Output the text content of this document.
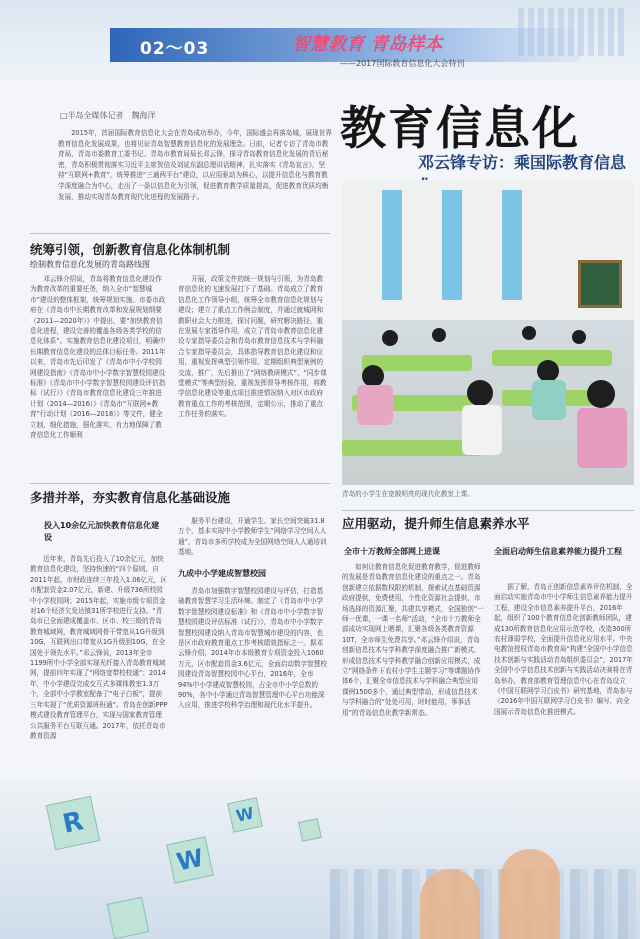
02～03	智慧教育 青岛样本
——2017国际教育信息化大会特刊
□半岛全媒体记者　魏海洋	教育信息化
邓云锋专访：乘国际教育信息
2015年，首届国际教育信息化大会在青岛成功举办，今年，国际盛会再落岛城，展现世界教育信息化发展成果，也将见证青岛智慧教育信息化的发展理念。日前，记者专访了青岛市教育局，青岛市委教育工委书记、青岛市教育局局长邓云锋，探寻青岛教育信息化发展的背后秘密，青岛积极贯彻落实习近平主席贺信及刘延东副总理讲话精神，扎实落实《青岛宣言》，坚持“互联网+教育”，统筹推进“三通两平台”建设，以应用驱动为核心，以提升信息化与教育教学深度融合为中心，走出了一条以信息化为引领，促进教育教学质量提高，促进教育优质均衡发展，推动实现青岛教育现代化进程的发展路子。
青岛的小学生在宽敞明亮的现代化教室上课。
统筹引领，创新教育信息化体制机制
绘制教育信息化发展的青岛路线图
邓云锋介绍说，青岛将教育信息化建设作为教育改革的重要任务，纳入全市“智慧城市”建设的整体框架，统筹规划实施。市委市政府在《青岛市中长期教育改革和发展规划纲要（2011—2020年）》中提出，要“加快教育信息化进程，建设完善的覆盖各级各类学校的信息化体系”。实施教育信息化建设项目，明确中长期教育信息化建设的总体目标任务。2011年以来，青岛市先后印发了《青岛市中小学校园网建设指南》《青岛市中小学数字智慧校园建设标准》《青岛市中小学数字智慧校园建设评估指标（试行）》《青岛市教育信息化建设三年推进计划（2014—2016）》《青岛市“互联网+教育”行动计划（2016—2018）》等文件，健全立制，细化措施，强化落实，有力地保障了教育信息化工作顺利
开展，政策文件的统一规划与引领，为青岛教育信息化的飞速发展打下了基础。青岛成立了教育信息化工作领导小组，统筹全市教育信息化规划与建设；建立了重点工作例会制度，并通过就城网和教职业会大力推进，探讨问题，研究解决路径，重在发展专家指导作用，成立了青岛市教育信息化建设专家指导委员会和青岛市教育信息技术与学科融合专家指导委员会，具体指导教育信息化建设和应用，重视发挥典型引领作用，定期组织典型案例的交流、推广，先后推出了“网络教研模式”、“同步课堂模式”等典型经验，重视发挥督导考核作用，将教学信息化建设等重点项目推进情况纳入对区市政府教育重点工作的考核范围，定期公示，推动了重点工作任务的落实。
多措并举，夯实教育信息化基础设施
投入10余亿元加快教育信息化建设
近年来，青岛先后投入了10余亿元，加快教育信息化建设，坚持快速的“四个原则，自2011年起，市财政连续三年投入1.06亿元，区市配套资金2.07亿元，新建、升级736所校园中小学校园网；2015年起，实施市级专项资金对16个经济欠发达镇31所学校进行支持。“青岛市已全面建成覆盖市、区市、校三级的青岛教育城域网，教育城域网骨干带宽从1G升级到10G，互联网出口带宽从1G升级到10G，在全国处于领先水平。”邓云锋说，2013年全市1199所中小学全部实现光纤接入青岛教育城域网，提前四年实现了“网络宽带校校通”；2014年，中小学建设完成交互式多媒体教室1.3万个，全部中小学教室配备了“电子白板”，提前三年实现了“优质资源班班通”。青岛在创新PPP模式建设教育管理平台，实现与国家教育管理公共服务平台互联互通。2017年，依托青岛市教育资源
服务平台建设，开通学生、家长空间突破31.8万个，基本实现中小学教师学生“网络学习空间人人通”，青岛市多所学校成为全国网络空间人人通培训基地。
九成中小学建成智慧校园
青岛市加强数字智慧校园建设与评估，打造基础教育智慧学习生活环境。制定了《青岛市中小学数字智慧校园建设标准》和《青岛市中小学数字智慧校园建设评估标准（试行）》，青岛市中小学数字智慧校园建设纳入青岛市智慧城市建设的内容，也是区市政府教育重点工作考核绩效指标之一。据邓云锋介绍，2014年市本级教育专项资金投入1060万元，区市配套资金3.6亿元，全面启动数字智慧校园建设青岛智慧校园中心平台，2016年，全市94%中小学建成智慧校园，占全市中小学总数的90%，各中小学通过青岛智慧管理中心平台功能深入应用，推进学校科学治理和现代化水平提升。
应用驱动，提升师生信息素养水平
全市十万教师全部网上进课
如何让教育信息化促进教育教学，促进教师的发展是青岛教育信息化建设的重点之一。青岛创新建立依据数权限的机制，探索试点基础资源政府提供，免费使用，个性化资源社会提供，市场选择的资源汇聚，共建共享模式，全国独创“一师一优课，一课一名师”活动，“全市十万教师全部成功实现网上晒课，汇聚各级各类教育资源10T，全市师生免费共享。”邓云锋介绍说，青岛创新信息技术与学科教学深度融合推广新模式，形成信息技术与学科教学融合创新应用模式，成立“网络条件下农村小学生主题学习”等课题协作体6个，汇聚全市信息技术与学科融合典型应用课例1500多个，通过典型带动，形成信息技术与学科融合的“处处可用，时时能用，事事活用”的青岛信息化教学新常态。
全面启动师生信息素养能力提升工程
据了解，青岛正创新信息素养评估机制，全面启动实施青岛市中小学师生信息素养能力提升工程，建设全市信息素养提升平台，2016年起，组织了100个教育信息化创新教师团队，建成130所教育信息化应用示范学校，改造300所农村薄弱学校，全面提升信息化应用水平。中央电教馆授权青岛市教育局“构建“全国中小学信息技术创新与实践活动青岛组织委员会”，2017年全国中小学信息技术创新与实践活动决赛将在青岛举办，教育部教育管理信息中心在青岛设立《中国互联网学习白皮书》研究基地，青岛参与《2016年中国互联网学习白皮书》编写，向全国展示青岛信息化推进模式。
R
W
W
